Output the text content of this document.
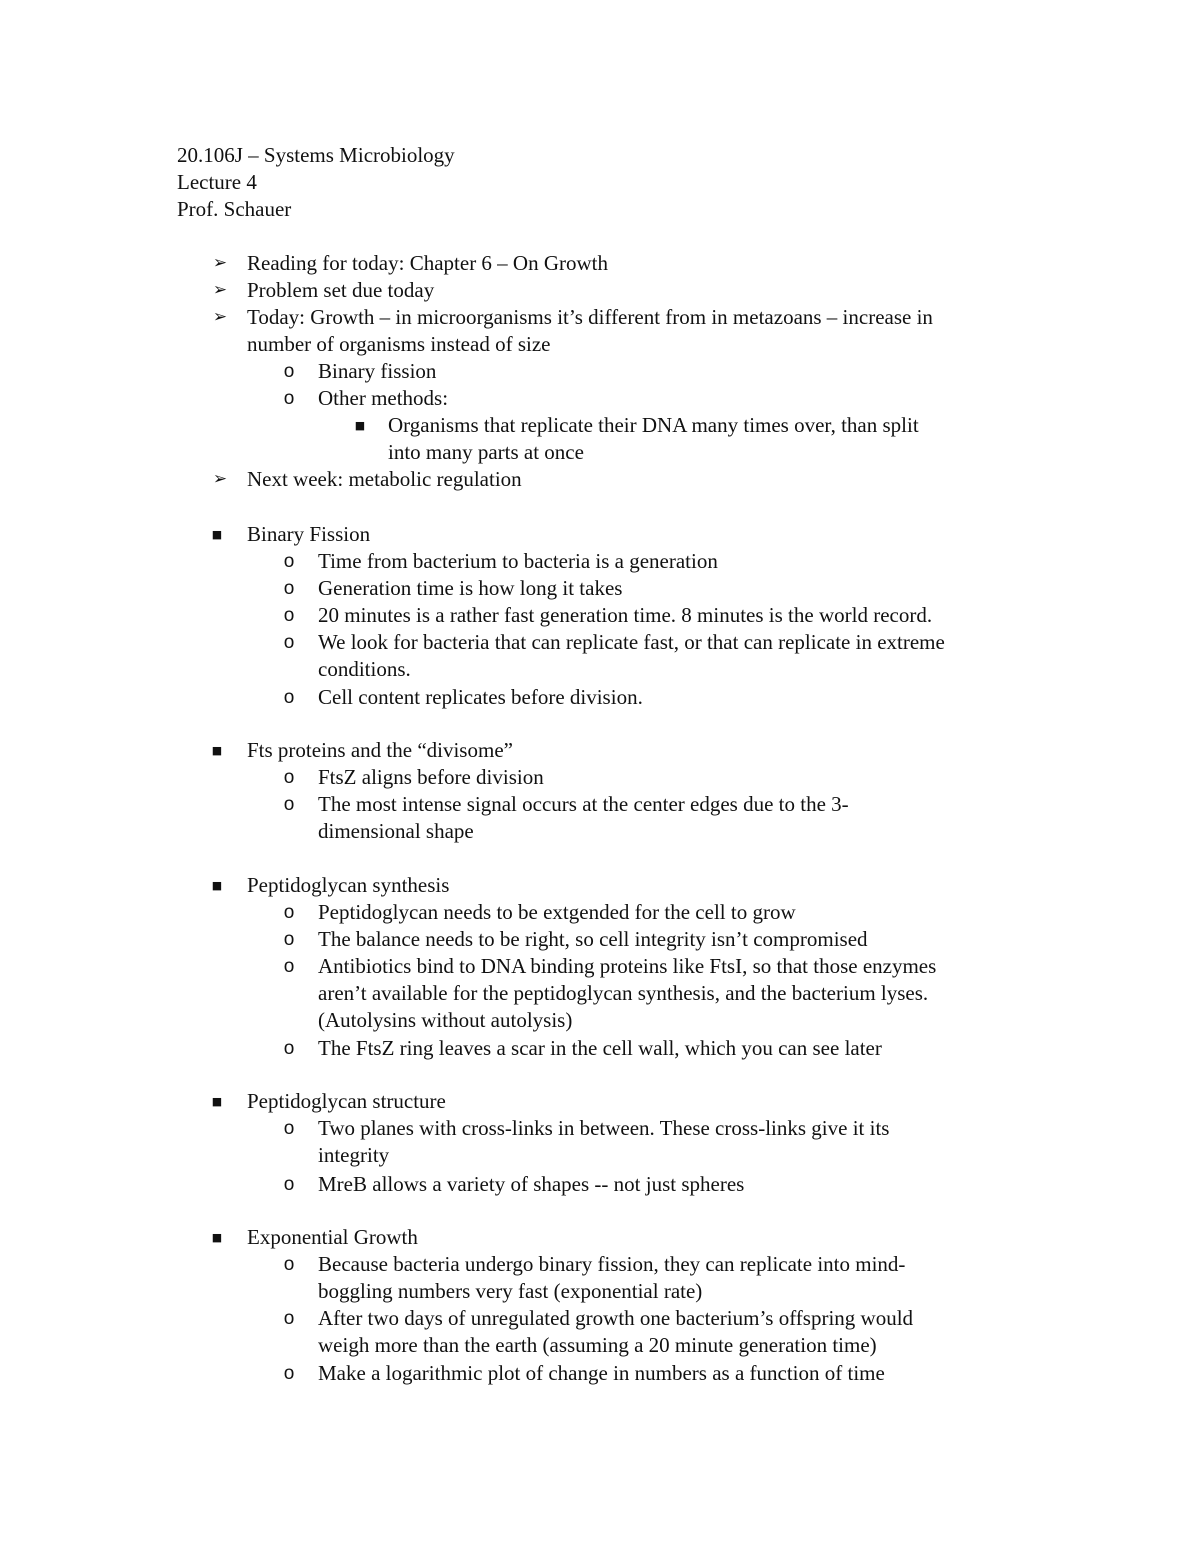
20.106J – Systems Microbiology
Lecture 4
Prof. Schauer
➢ Reading for today: Chapter 6 – On Growth
➢ Problem set due today
➢ Today: Growth – in microorganisms it’s different from in metazoans – increase in
number of organisms instead of size
o Binary fission
o Other methods:
■ Organisms that replicate their DNA many times over, than split
into many parts at once
➢ Next week: metabolic regulation
■ Binary Fission
o Time from bacterium to bacteria is a generation
o Generation time is how long it takes
o 20 minutes is a rather fast generation time. 8 minutes is the world record.
o We look for bacteria that can replicate fast, or that can replicate in extreme
conditions.
o Cell content replicates before division.
■ Fts proteins and the “divisome”
o FtsZ aligns before division
o The most intense signal occurs at the center edges due to the 3-
dimensional shape
■ Peptidoglycan synthesis
o Peptidoglycan needs to be extgended for the cell to grow
o The balance needs to be right, so cell integrity isn’t compromised
o Antibiotics bind to DNA binding proteins like FtsI, so that those enzymes
aren’t available for the peptidoglycan synthesis, and the bacterium lyses.
(Autolysins without autolysis)
o The FtsZ ring leaves a scar in the cell wall, which you can see later
■ Peptidoglycan structure
o Two planes with cross-links in between. These cross-links give it its
integrity
o MreB allows a variety of shapes -- not just spheres
■ Exponential Growth
o Because bacteria undergo binary fission, they can replicate into mind-
boggling numbers very fast (exponential rate)
o After two days of unregulated growth one bacterium’s offspring would
weigh more than the earth (assuming a 20 minute generation time)
o Make a logarithmic plot of change in numbers as a function of time
